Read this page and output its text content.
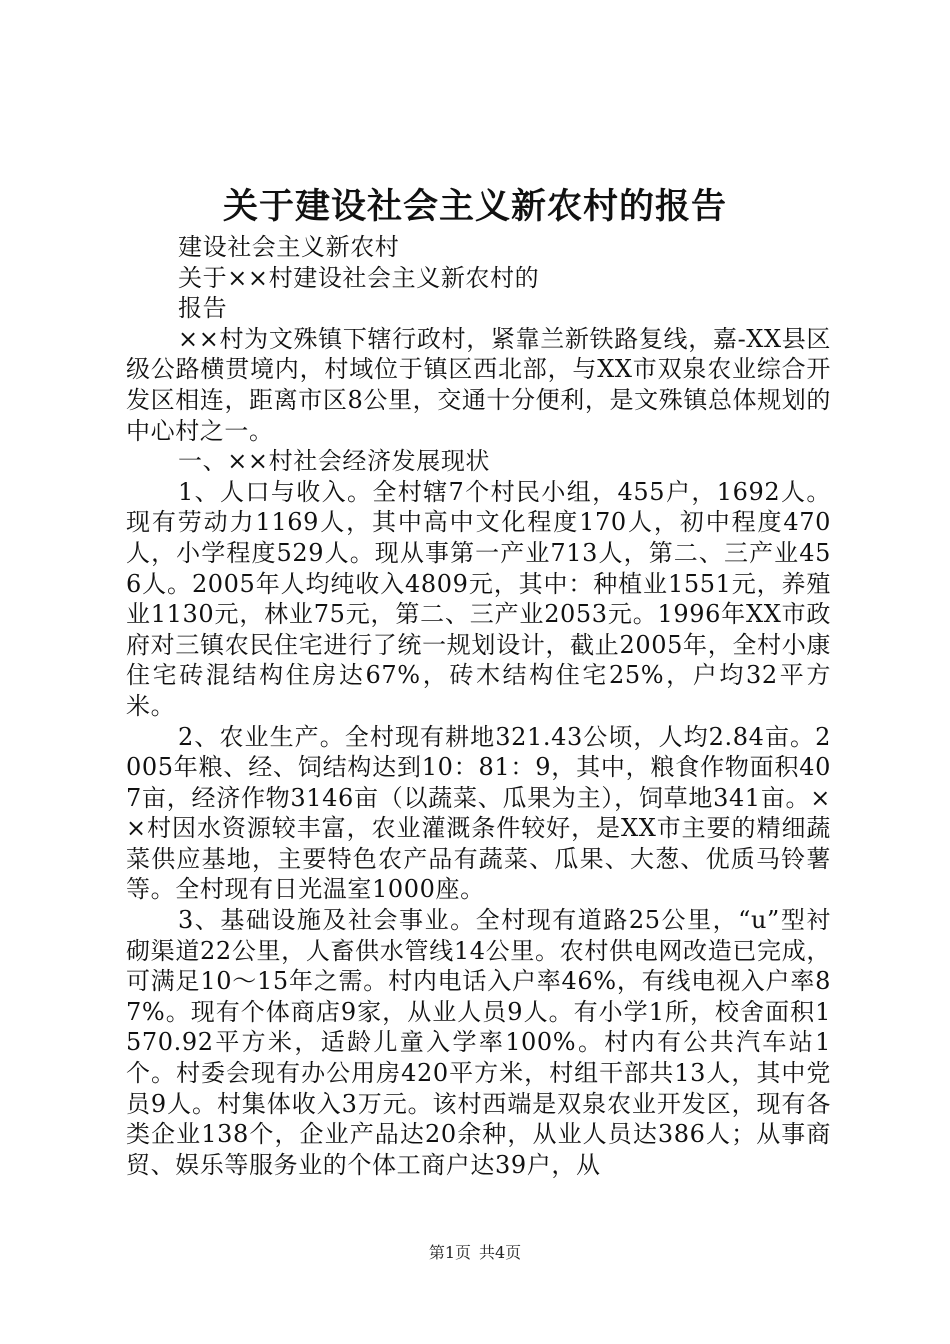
关于建设社会主义新农村的报告

建设社会主义新农村

关于××村建设社会主义新农村的

报告

××村为文殊镇下辖行政村，紧靠兰新铁路复线，嘉-XX县区级公路横贯境内，村域位于镇区西北部，与XX市双泉农业综合开发区相连，距离市区8公里，交通十分便利，是文殊镇总体规划的中心村之一。

一、××村社会经济发展现状

1、人口与收入。全村辖7个村民小组，455户，1692人。现有劳动力1169人，其中高中文化程度170人，初中程度470人，小学程度529人。现从事第一产业713人，第二、三产业456人。2005年人均纯收入4809元，其中：种植业1551元，养殖业1130元，林业75元，第二、三产业2053元。1996年XX市政府对三镇农民住宅进行了统一规划设计，截止2005年，全村小康住宅砖混结构住房达67%，砖木结构住宅25%，户均32平方米。

2、农业生产。全村现有耕地321.43公顷，人均2.84亩。2005年粮、经、饲结构达到10：81：9，其中，粮食作物面积407亩，经济作物3146亩（以蔬菜、瓜果为主），饲草地341亩。××村因水资源较丰富，农业灌溉条件较好，是XX市主要的精细蔬菜供应基地，主要特色农产品有蔬菜、瓜果、大葱、优质马铃薯等。全村现有日光温室1000座。

3、基础设施及社会事业。全村现有道路25公里，“u”型衬砌渠道22公里，人畜供水管线14公里。农村供电网改造已完成，可满足10～15年之需。村内电话入户率46%，有线电视入户率87%。现有个体商店9家，从业人员9人。有小学1所，校舍面积1570.92平方米，适龄儿童入学率100%。村内有公共汽车站1个。村委会现有办公用房420平方米，村组干部共13人，其中党员9人。村集体收入3万元。该村西端是双泉农业开发区，现有各类企业138个，企业产品达20余种，从业人员达386人；从事商贸、娱乐等服务业的个体工商户达39户，从

第1页 共4页
